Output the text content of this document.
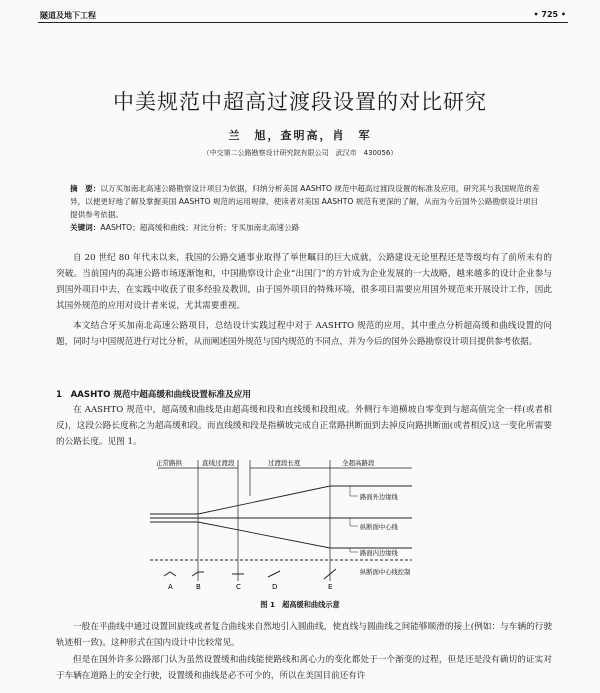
隧道及地下工程	• 725 •
中美规范中超高过渡段设置的对比研究
兰　旭，查明高，肖　军
（中交第二公路勘察设计研究院有限公司　武汉市　430056）
摘　要：以万买加南北高速公路勘察设计项目为依据，归纳分析美国 AASHTO 规范中超高过渡段设置的标准及应用，研究其与我国规范的差异，以便更好地了解及掌握美国 AASHTO 规范的运用规律，使读者对美国 AASHTO 规范有更深的了解，从而为今后国外公路勘察设计项目提供参考依据。
关键词：AASHTO；超高缓和曲线；对比分析；牙买加南北高速公路
自 20 世纪 80 年代末以来，我国的公路交通事业取得了举世瞩目的巨大成就，公路建设无论里程还是等级均有了前所未有的突破。当前国内的高速公路市场逐渐饱和，中国勘察设计企业“出国门”的方针成为企业发展的一大战略，越来越多的设计企业参与到国外项目中去，在实践中收获了很多经验及教训，由于国外项目的特殊环境，很多项目需要应用国外规范来开展设计工作，因此其国外规范的应用对设计者来说，尤其需要重视。
本文结合牙买加南北高速公路项目，总结设计实践过程中对于 AASHTO 规范的应用，其中重点分析超高缓和曲线设置的问题，同时与中国规范进行对比分析，从而阐述国外规范与国内规范的不同点，并为今后的国外公路勘察设计项目提供参考依据。
1　AASHTO 规范中超高缓和曲线设置标准及应用
在 AASHTO 规范中，超高缓和曲线是由超高缓和段和直线缓和段组成。外侧行车道横坡自零变到与超高值完全一样(或者相反)，这段公路长度称之为超高缓和段。而直线缓和段是指横坡完成自正常路拱断面到去掉反向路拱断面(或者相反)这一变化所需要的公路长度。见图 1。
正常路拱	直线过渡段	过渡段长度	全超高路段
路面外边缘线
纵断面中心线
路面内边缘线
纵断面中心线控制
A	B	C	D	E
图 1　超高缓和曲线示意
一般在平曲线中通过设置回旋线或者复合曲线来自然地引入圆曲线，使直线与圆曲线之间能够顺滑的接上(例如：与车辆的行驶轨迹相一致)。这种形式在国内设计中比较常见。
但是在国外许多公路部门认为虽然设置缓和曲线能使路线和离心力的变化都处于一个渐变的过程，但是还是没有确切的证实对于车辆在道路上的安全行驶，设置缓和曲线是必不可少的，所以在美国目前还有许
